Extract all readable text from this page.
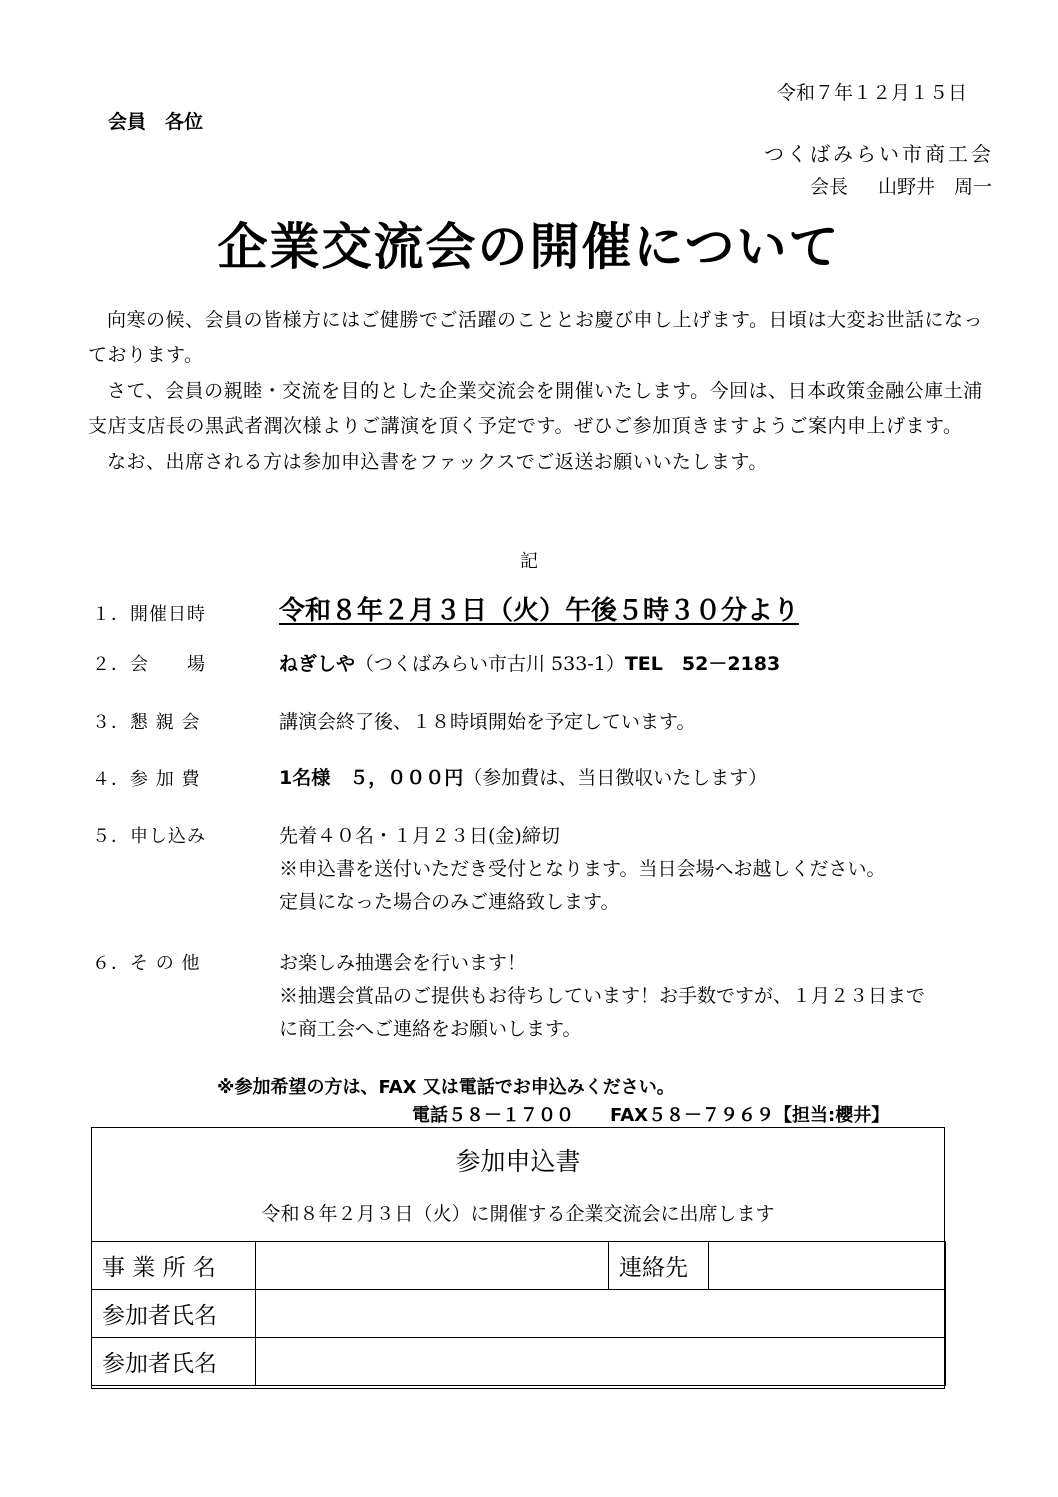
令和７年１２月１５日
会員　各位
つくばみらい市商工会
会長 山野井　周一
企業交流会の開催について

向寒の候、会員の皆様方にはご健勝でご活躍のこととお慶び申し上げます。日頃は大変お世話になっております。

さて、会員の親睦・交流を目的とした企業交流会を開催いたします。今回は、日本政策金融公庫土浦支店支店長の黒武者潤次様よりご講演を頂く予定です。ぜひご参加頂きますようご案内申上げます。

なお、出席される方は参加申込書をファックスでご返送お願いいたします。

記
１．開催日時	令和８年２月３日（火）午後５時３０分より
２．会　　場	ねぎしや（つくばみらい市古川 533-1）TEL　52－2183
３．懇 親 会	講演会終了後、１８時頃開始を予定しています。
４．参 加 費	1名様　５，０００円（参加費は、当日徴収いたします）
５．申し込み	先着４０名・１月２３日(金)締切
※申込書を送付いただき受付となります。当日会場へお越しください。
定員になった場合のみご連絡致します。
６．そ の 他	お楽しみ抽選会を行います！
※抽選会賞品のご提供もお待ちしています！お手数ですが、１月２３日まで
に商工会へご連絡をお願いします。
※参加希望の方は、FAX 又は電話でお申込みください。
電話５８－１７００　　FAX５８－７９６９【担当:櫻井】
参加申込書
令和８年２月３日（火）に開催する企業交流会に出席します
事 業 所 名		連絡先	
参加者氏名			
参加者氏名			
